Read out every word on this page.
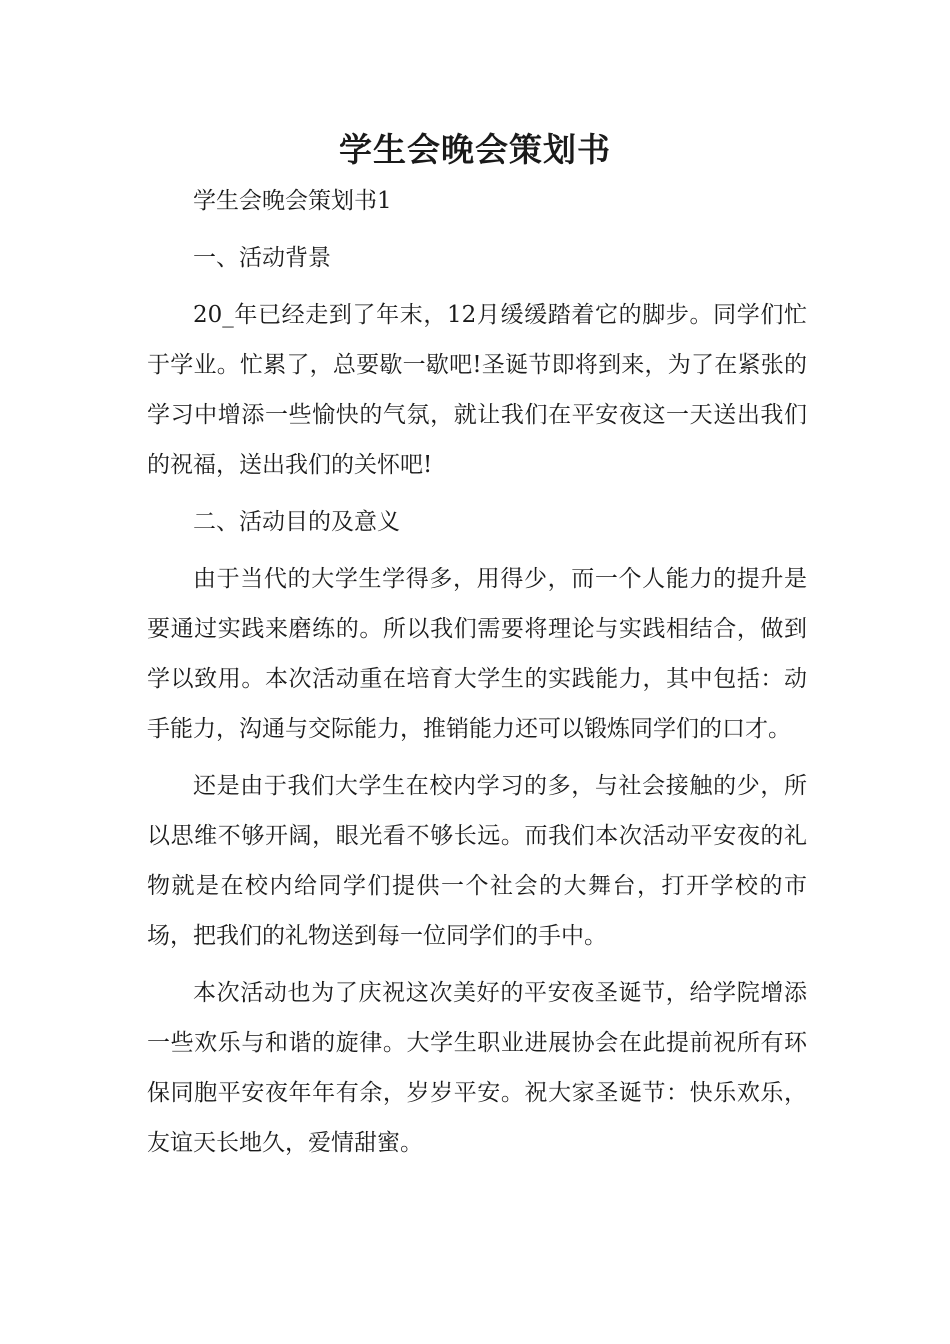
学生会晚会策划书

学生会晚会策划书1

一、活动背景

20_年已经走到了年末，12月缓缓踏着它的脚步。同学们忙于学业。忙累了，总要歇一歇吧!圣诞节即将到来，为了在紧张的学习中增添一些愉快的气氛，就让我们在平安夜这一天送出我们的祝福，送出我们的关怀吧!

二、活动目的及意义

由于当代的大学生学得多，用得少，而一个人能力的提升是要通过实践来磨练的。所以我们需要将理论与实践相结合，做到学以致用。本次活动重在培育大学生的实践能力，其中包括：动手能力，沟通与交际能力，推销能力还可以锻炼同学们的口才。

还是由于我们大学生在校内学习的多，与社会接触的少，所以思维不够开阔，眼光看不够长远。而我们本次活动平安夜的礼物就是在校内给同学们提供一个社会的大舞台，打开学校的市场，把我们的礼物送到每一位同学们的手中。

本次活动也为了庆祝这次美好的平安夜圣诞节，给学院增添一些欢乐与和谐的旋律。大学生职业进展协会在此提前祝所有环保同胞平安夜年年有余，岁岁平安。祝大家圣诞节：快乐欢乐，友谊天长地久，爱情甜蜜。
